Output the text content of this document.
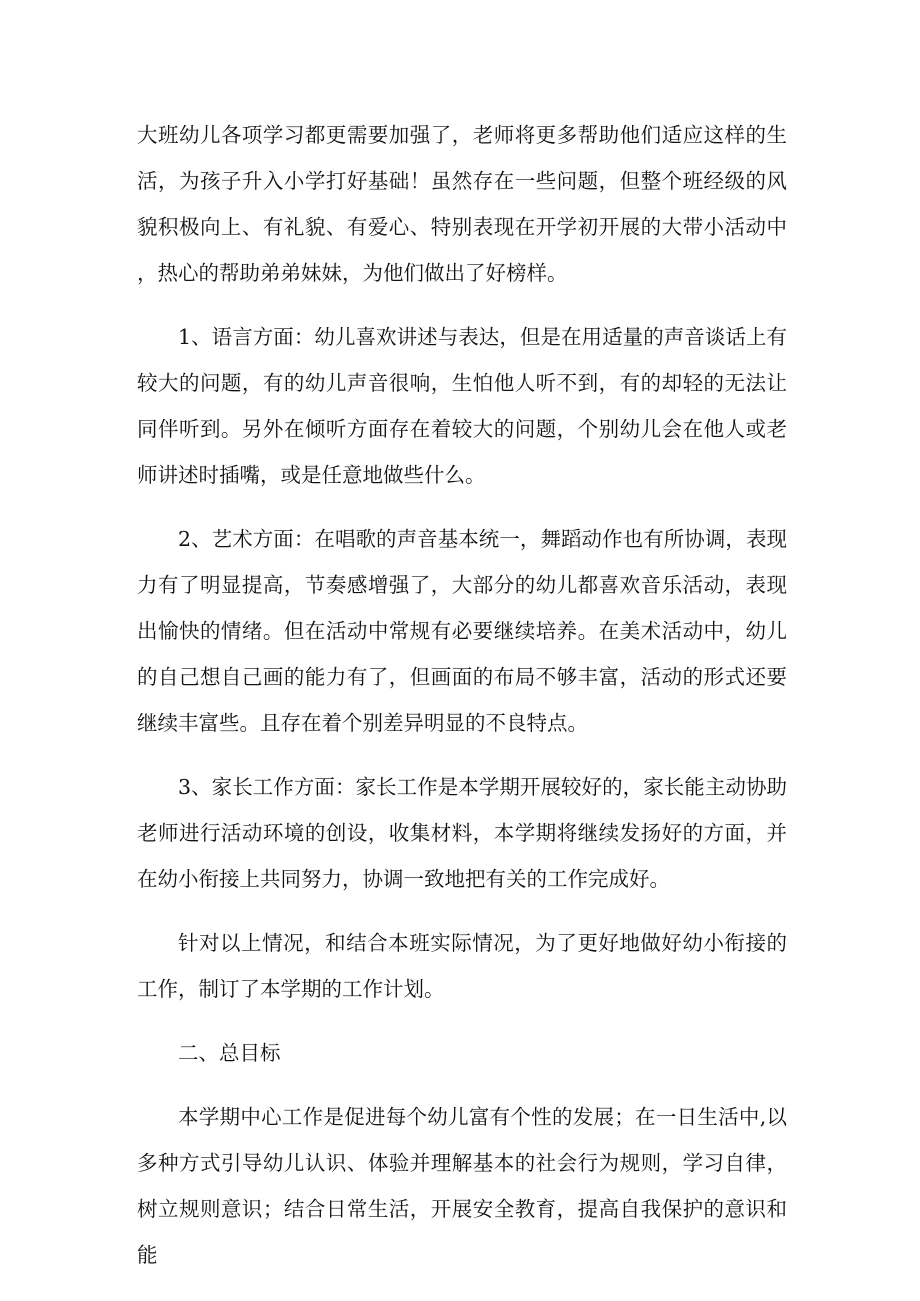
大班幼儿各项学习都更需要加强了，老师将更多帮助他们适应这样的生活，为孩子升入小学打好基础！虽然存在一些问题，但整个班经级的风貌积极向上、有礼貌、有爱心、特别表现在开学初开展的大带小活动中，热心的帮助弟弟妹妹，为他们做出了好榜样。

1、语言方面：幼儿喜欢讲述与表达，但是在用适量的声音谈话上有较大的问题，有的幼儿声音很响，生怕他人听不到，有的却轻的无法让同伴听到。另外在倾听方面存在着较大的问题，个别幼儿会在他人或老师讲述时插嘴，或是任意地做些什么。

2、艺术方面：在唱歌的声音基本统一，舞蹈动作也有所协调，表现力有了明显提高，节奏感增强了，大部分的幼儿都喜欢音乐活动，表现出愉快的情绪。但在活动中常规有必要继续培养。在美术活动中，幼儿的自己想自己画的能力有了，但画面的布局不够丰富，活动的形式还要继续丰富些。且存在着个别差异明显的不良特点。

3、家长工作方面：家长工作是本学期开展较好的，家长能主动协助老师进行活动环境的创设，收集材料，本学期将继续发扬好的方面，并在幼小衔接上共同努力，协调一致地把有关的工作完成好。

针对以上情况，和结合本班实际情况，为了更好地做好幼小衔接的工作，制订了本学期的工作计划。

二、总目标

本学期中心工作是促进每个幼儿富有个性的发展；在一日生活中,以多种方式引导幼儿认识、体验并理解基本的社会行为规则，学习自律，树立规则意识；结合日常生活，开展安全教育，提高自我保护的意识和能
